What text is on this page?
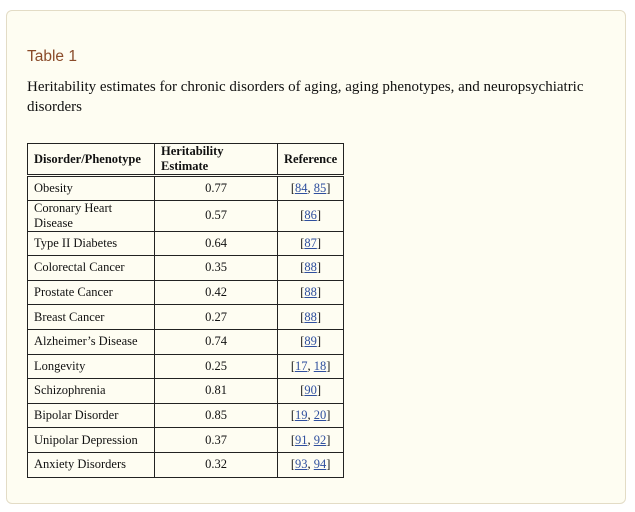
Table 1

Heritability estimates for chronic disorders of aging, aging phenotypes, and neuropsychiatric disorders

Disorder/Phenotype	Heritability Estimate	Reference
Obesity	0.77	[84, 85]
Coronary Heart Disease	0.57	[86]
Type II Diabetes	0.64	[87]
Colorectal Cancer	0.35	[88]
Prostate Cancer	0.42	[88]
Breast Cancer	0.27	[88]
Alzheimer’s Disease	0.74	[89]
Longevity	0.25	[17, 18]
Schizophrenia	0.81	[90]
Bipolar Disorder	0.85	[19, 20]
Unipolar Depression	0.37	[91, 92]
Anxiety Disorders	0.32	[93, 94]
